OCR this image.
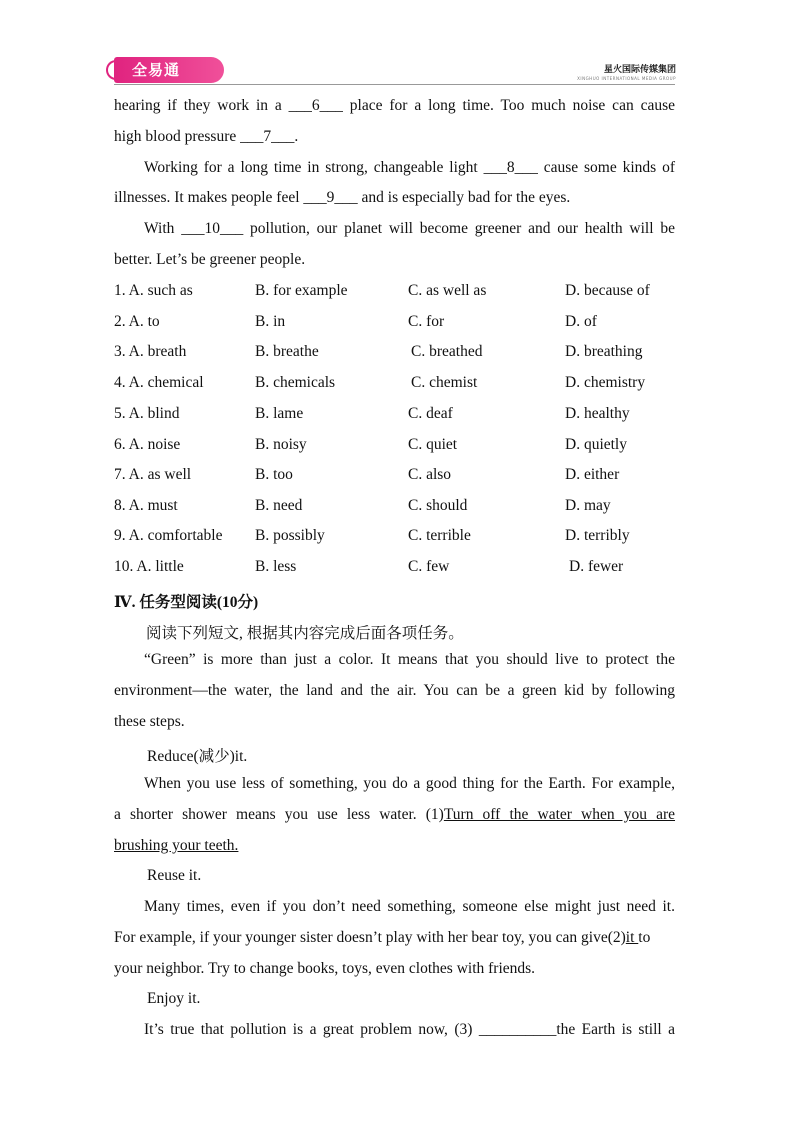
全易通	星火国际传媒集团
XINGHUO INTERNATIONAL MEDIA GROUP
hearing if they work in a ___6___ place for a long time. Too much noise can cause
high blood pressure ___7___.
Working for a long time in strong, changeable light ___8___ cause some kinds of
illnesses. It makes people feel ___9___ and is especially bad for the eyes.
With ___10___ pollution, our planet will become greener and our health will be
better. Let’s be greener people.
1. A. such as	B. for example	C. as well as	D. because of
2. A. to	B. in	C. for	D. of
3. A. breath	B. breathe	C. breathed	D. breathing
4. A. chemical	B. chemicals	C. chemist	D. chemistry
5. A. blind	B. lame	C. deaf	D. healthy
6. A. noise	B. noisy	C. quiet	D. quietly
7. A. as well	B. too	C. also	D. either
8. A. must	B. need	C. should	D. may
9. A. comfortable B. possibly	C. terrible	D. terribly
10. A. little	B. less	C. few	D. fewer
Ⅳ. 任务型阅读(10分)
阅读下列短文, 根据其内容完成后面各项任务。
“Green” is more than just a color. It means that you should live to protect the
environment—the water, the land and the air. You can be a green kid by following
these steps.
Reduce(减少)it.
When you use less of something, you do a good thing for the Earth. For example,
a shorter shower means you use less water. (1)Turn off the water when you are
brushing your teeth.
Reuse it.
Many times, even if you don’t need something, someone else might just need it.
For example, if your younger sister doesn’t play with her bear toy, you can give(2)it to
your neighbor. Try to change books, toys, even clothes with friends.
Enjoy it.
It’s true that pollution is a great problem now, (3) __________the Earth is still a
